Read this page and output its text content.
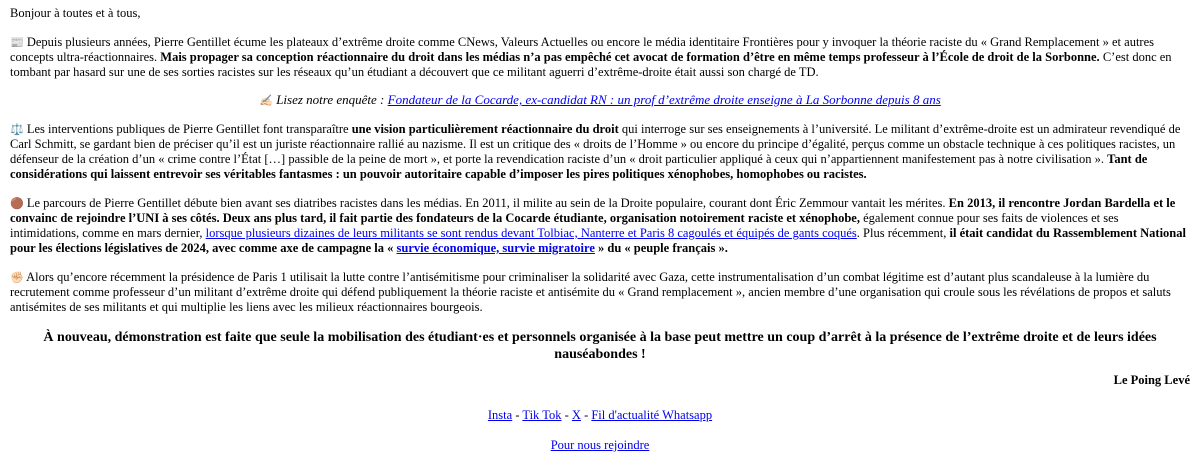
Bonjour à toutes et à tous,

📰 Depuis plusieurs années, Pierre Gentillet écume les plateaux d’extrême droite comme CNews, Valeurs Actuelles ou encore le média identitaire Frontières pour y invoquer la théorie raciste du « Grand Remplacement » et autres concepts ultra-réactionnaires. Mais propager sa conception réactionnaire du droit dans les médias n’a pas empêché cet avocat de formation d’être en même temps professeur à l’École de droit de la Sorbonne. C’est donc en tombant par hasard sur une de ses sorties racistes sur les réseaux qu’un étudiant a découvert que ce militant aguerri d’extrême-droite était aussi son chargé de TD.

✍🏻 Lisez notre enquête : Fondateur de la Cocarde, ex-candidat RN : un prof d’extrême droite enseigne à La Sorbonne depuis 8 ans

⚖️ Les interventions publiques de Pierre Gentillet font transparaître une vision particulièrement réactionnaire du droit qui interroge sur ses enseignements à l’université. Le militant d’extrême-droite est un admirateur revendiqué de Carl Schmitt, se gardant bien de préciser qu’il est un juriste réactionnaire rallié au nazisme. Il est un critique des « droits de l’Homme » ou encore du principe d’égalité, perçus comme un obstacle technique à ces politiques racistes, un défenseur de la création d’un « crime contre l’État […] passible de la peine de mort », et porte la revendication raciste d’un « droit particulier appliqué à ceux qui n’appartiennent manifestement pas à notre civilisation ». Tant de considérations qui laissent entrevoir ses véritables fantasmes : un pouvoir autoritaire capable d’imposer les pires politiques xénophobes, homophobes ou racistes.

🟤 Le parcours de Pierre Gentillet débute bien avant ses diatribes racistes dans les médias. En 2011, il milite au sein de la Droite populaire, courant dont Éric Zemmour vantait les mérites. En 2013, il rencontre Jordan Bardella et le convainc de rejoindre l’UNI à ses côtés. Deux ans plus tard, il fait partie des fondateurs de la Cocarde étudiante, organisation notoirement raciste et xénophobe, également connue pour ses faits de violences et ses intimidations, comme en mars dernier, lorsque plusieurs dizaines de leurs militants se sont rendus devant Tolbiac, Nanterre et Paris 8 cagoulés et équipés de gants coqués. Plus récemment, il était candidat du Rassemblement National pour les élections législatives de 2024, avec comme axe de campagne la « survie économique, survie migratoire » du « peuple français ».

✊🏻 Alors qu’encore récemment la présidence de Paris 1 utilisait la lutte contre l’antisémitisme pour criminaliser la solidarité avec Gaza, cette instrumentalisation d’un combat légitime est d’autant plus scandaleuse à la lumière du recrutement comme professeur d’un militant d’extrême droite qui défend publiquement la théorie raciste et antisémite du « Grand remplacement », ancien membre d’une organisation qui croule sous les révélations de propos et saluts antisémites de ses militants et qui multiplie les liens avec les milieux réactionnaires bourgeois.

À nouveau, démonstration est faite que seule la mobilisation des étudiant·es et personnels organisée à la base peut mettre un coup d’arrêt à la présence de l’extrême droite et de leurs idées nauséabondes !

Le Poing Levé

Insta - Tik Tok - X - Fil d'actualité Whatsapp

Pour nous rejoindre
